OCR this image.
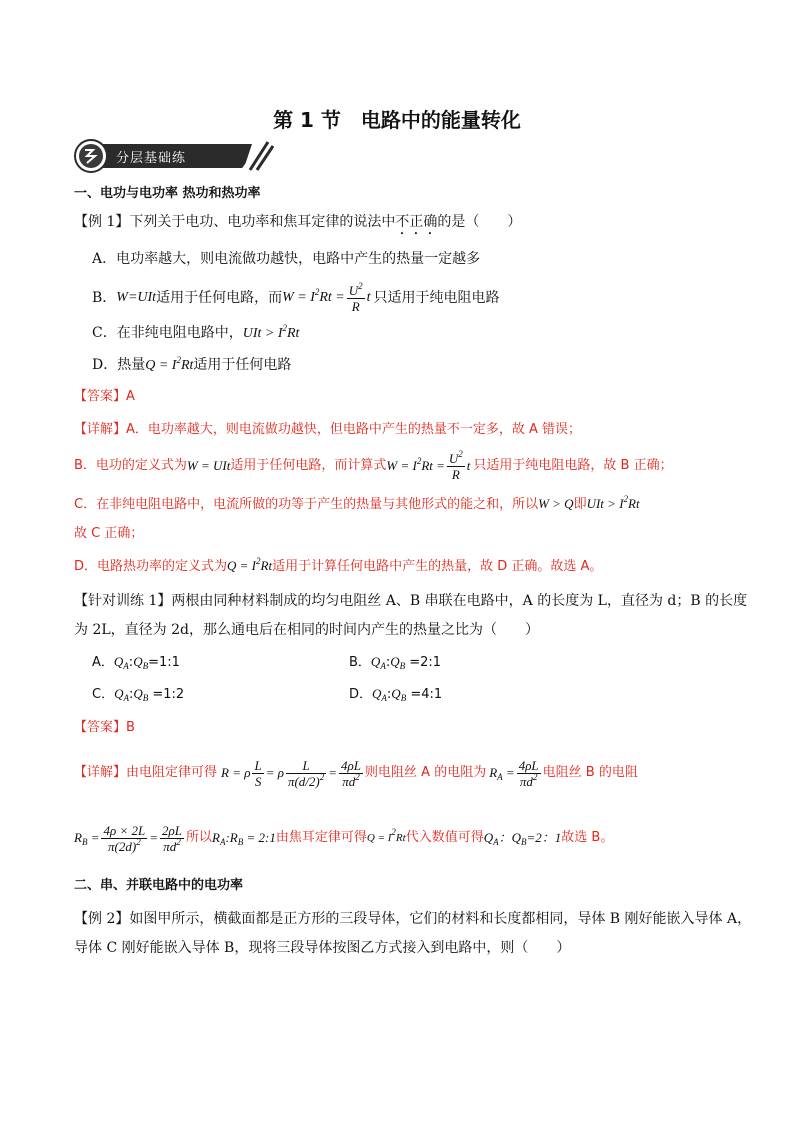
第 1 节　电路中的能量转化
分层基础练
一、电功与电功率 热功和热功率
【例 1】下列关于电功、电功率和焦耳定律的说法中不正确的是（　　）
A．电功率越大，则电流做功越快，电路中产生的热量一定越多
B． W=UIt 适用于任何电路，而 $W = I^2Rt = \frac{U^2}{R}$ t 只适用于纯电阻电路
C．在非纯电阻电路中，UIt > $I^2Rt$
D．热量$Q = I^2Rt$适用于任何电路
【答案】A
【详解】A．电功率越大，则电流做功越快，但电路中产生的热量不一定多，故 A 错误；
B．电功的定义式为 W = UIt 适用于任何电路，而计算式 $W = I^2Rt = \frac{U^2}{R}$ t 只适用于纯电阻电路，故 B 正确；
C．在非纯电阻电路中，电流所做的功等于产生的热量与其他形式的能之和，所以W > Q即UIt > $I^2Rt$
故 C 正确；
D．电路热功率的定义式为$Q = I^2Rt$适用于计算任何电路中产生的热量，故 D 正确。故选 A。
【针对训练 1】两根由同种材料制成的均匀电阻丝 A、B 串联在电路中，A 的长度为 L，直径为 d；B 的长度
为 2L，直径为 2d，那么通电后在相同的时间内产生的热量之比为（　　）
A．$Q_A:Q_B=1:1$	B．$Q_A:Q_B$ =2:1
C．$Q_A:Q_B$ =1:2	D．$Q_A:Q_B$ =4:1
【答案】B
【详解】由电阻定律可得 R = ρ $\frac{L}{S} = \rho \frac{L}{\pi(d/2)^2} = \frac{4\rho L}{\pi d^2}$ 则电阻丝 A 的电阻为 $R_A = \frac{4\rho L}{\pi d^2}$ 电阻丝 B 的电阻
$R_B = \frac{4\rho \times 2L}{\pi(2d)^2} = \frac{2\rho L}{\pi d^2}$ 所以 $R_A:R_B$ = 2:1 由焦耳定律可得 $Q = I^2Rt$ 代入数值可得 $Q_A$：$Q_B=2$：1 故选 B。
二、串、并联电路中的电功率
【例 2】如图甲所示，横截面都是正方形的三段导体，它们的材料和长度都相同，导体 B 刚好能嵌入导体 A，
导体 C 刚好能嵌入导体 B，现将三段导体按图乙方式接入到电路中，则（　　）
